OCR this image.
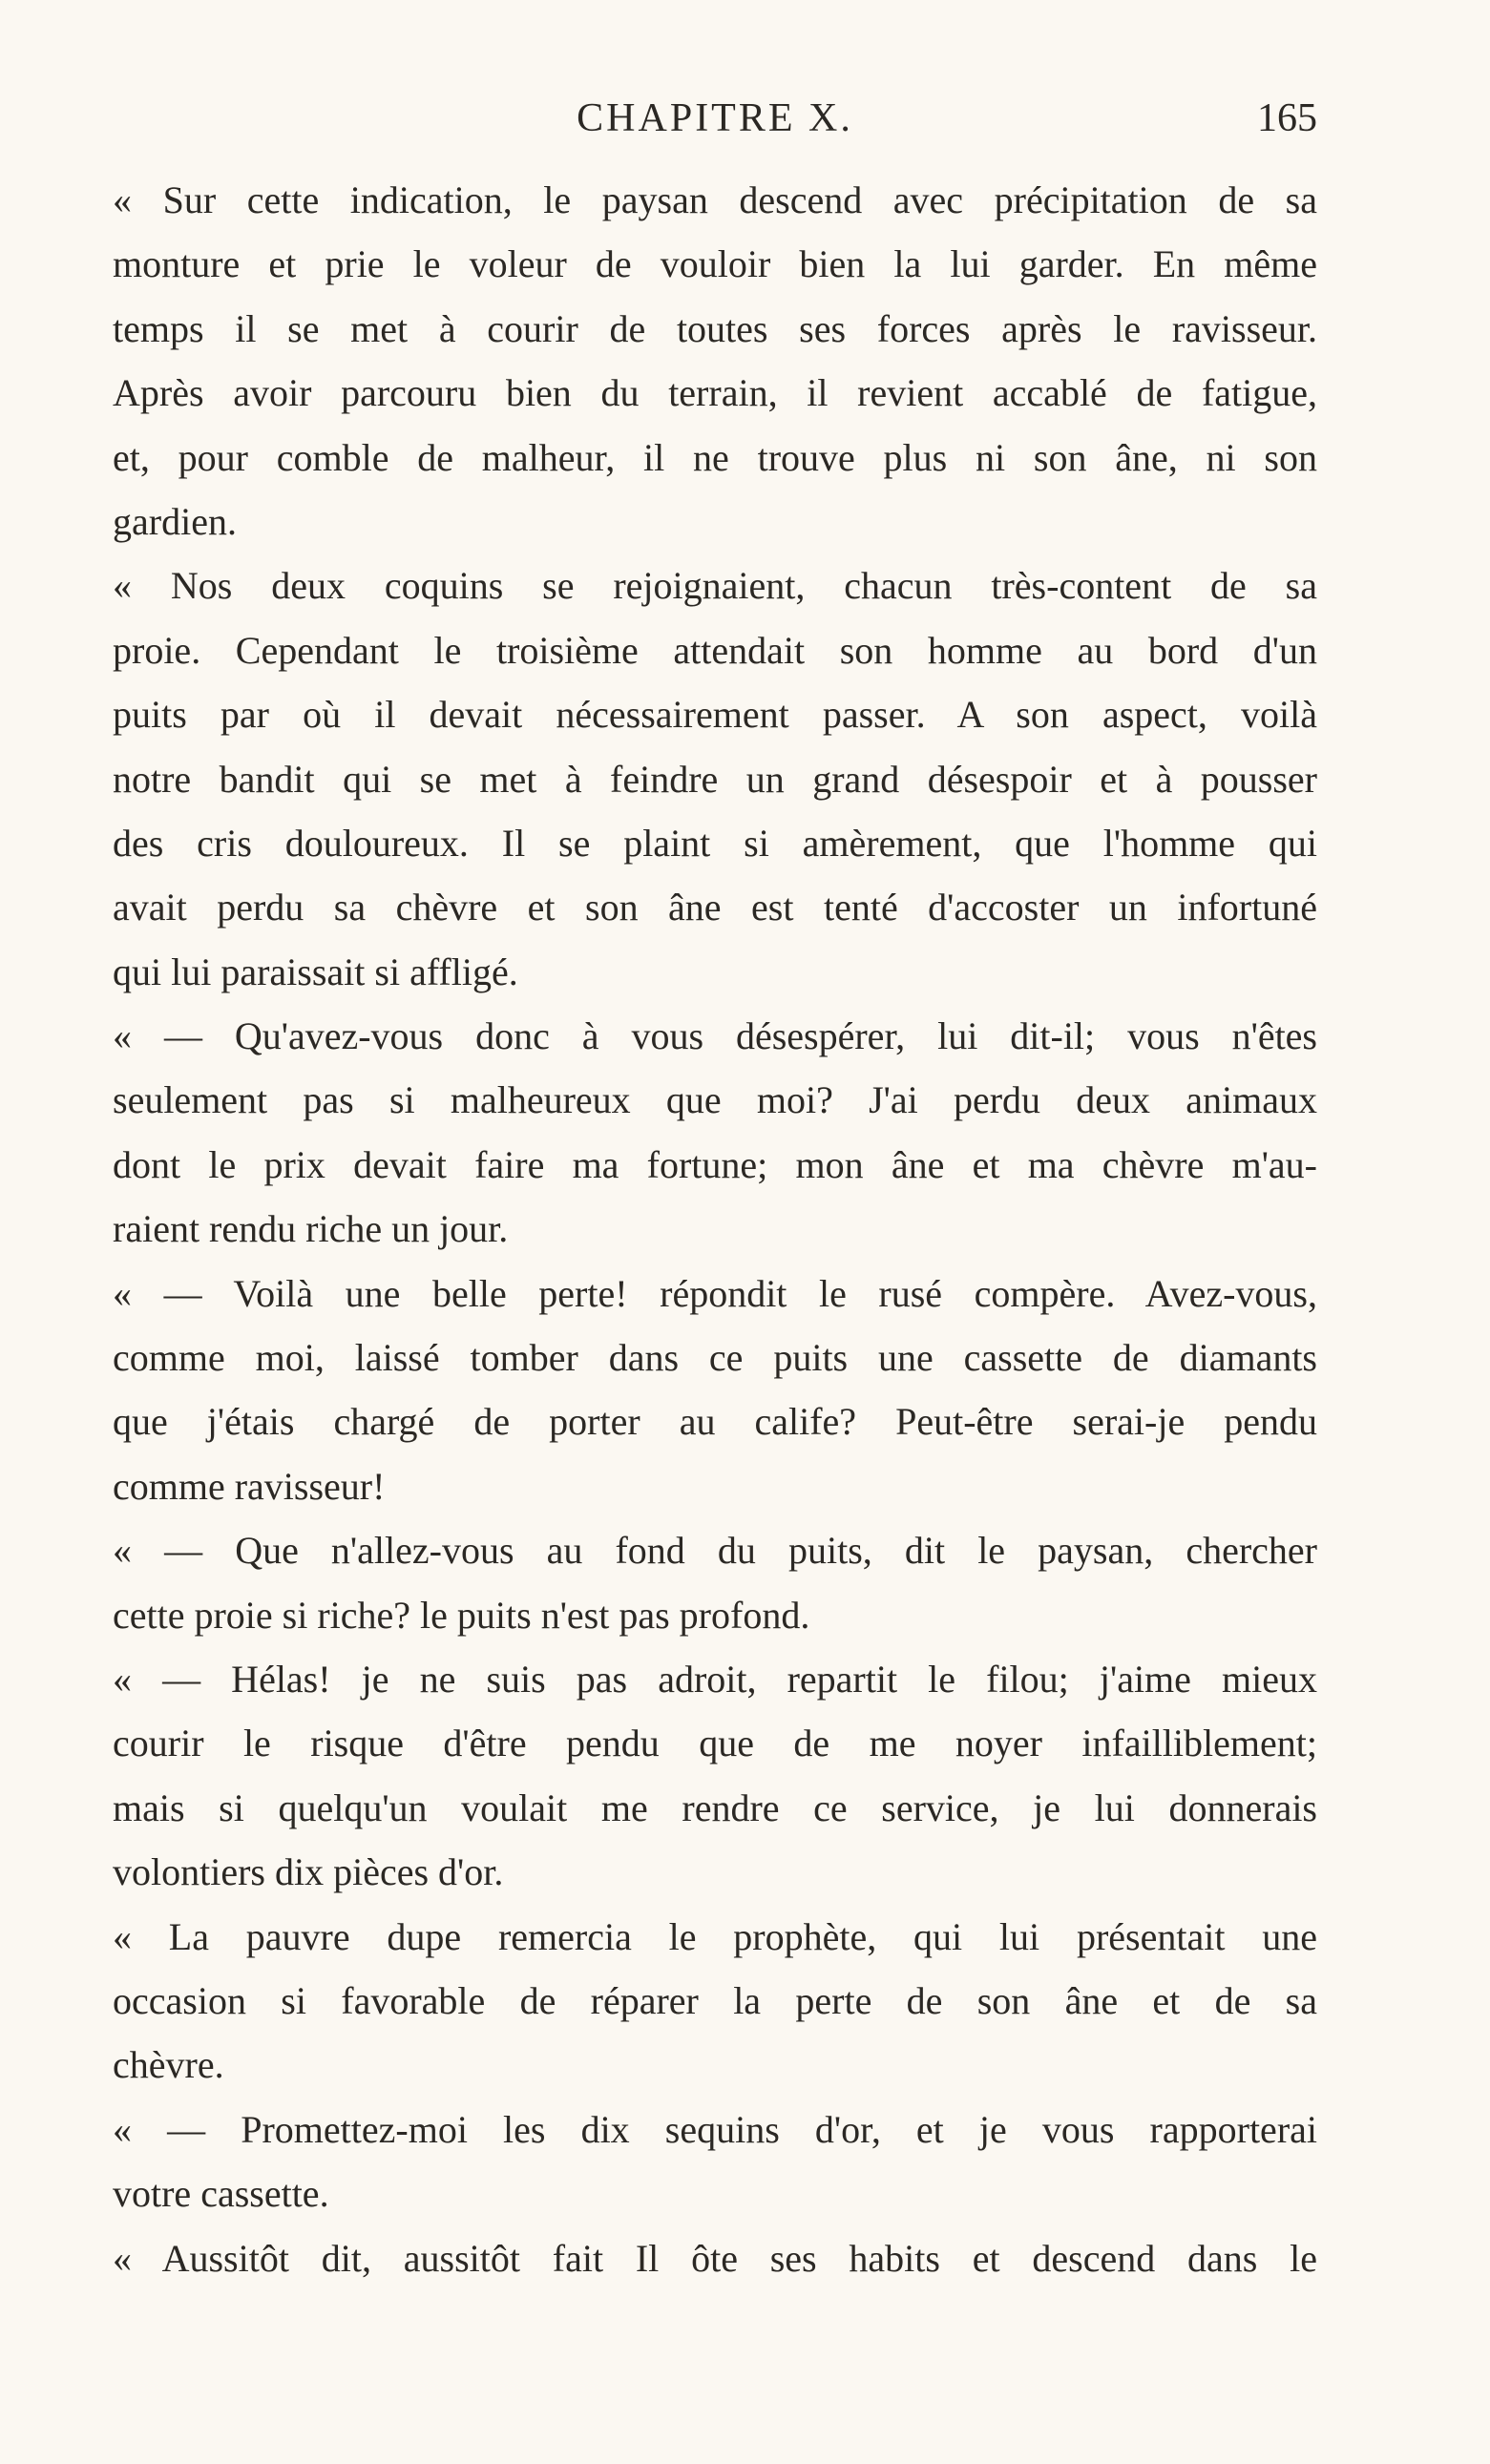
CHAPITRE X.	165
« Sur cette indication, le paysan descend avec précipitation de sa
monture et prie le voleur de vouloir bien la lui garder. En même
temps il se met à courir de toutes ses forces après le ravisseur.
Après avoir parcouru bien du terrain, il revient accablé de fatigue,
et, pour comble de malheur, il ne trouve plus ni son âne, ni son
gardien.
« Nos deux coquins se rejoignaient, chacun très-content de sa
proie. Cependant le troisième attendait son homme au bord d'un
puits par où il devait nécessairement passer. A son aspect, voilà
notre bandit qui se met à feindre un grand désespoir et à pousser
des cris douloureux. Il se plaint si amèrement, que l'homme qui
avait perdu sa chèvre et son âne est tenté d'accoster un infortuné
qui lui paraissait si affligé.
« — Qu'avez-vous donc à vous désespérer, lui dit-il; vous n'êtes
seulement pas si malheureux que moi? J'ai perdu deux animaux
dont le prix devait faire ma fortune; mon âne et ma chèvre m'au-
raient rendu riche un jour.
« — Voilà une belle perte! répondit le rusé compère. Avez-vous,
comme moi, laissé tomber dans ce puits une cassette de diamants
que j'étais chargé de porter au calife? Peut-être serai-je pendu
comme ravisseur!
« — Que n'allez-vous au fond du puits, dit le paysan, chercher
cette proie si riche? le puits n'est pas profond.
« — Hélas! je ne suis pas adroit, repartit le filou; j'aime mieux
courir le risque d'être pendu que de me noyer infailliblement;
mais si quelqu'un voulait me rendre ce service, je lui donnerais
volontiers dix pièces d'or.
« La pauvre dupe remercia le prophète, qui lui présentait une
occasion si favorable de réparer la perte de son âne et de sa
chèvre.
« — Promettez-moi les dix sequins d'or, et je vous rapporterai
votre cassette.
« Aussitôt dit, aussitôt fait Il ôte ses habits et descend dans le
